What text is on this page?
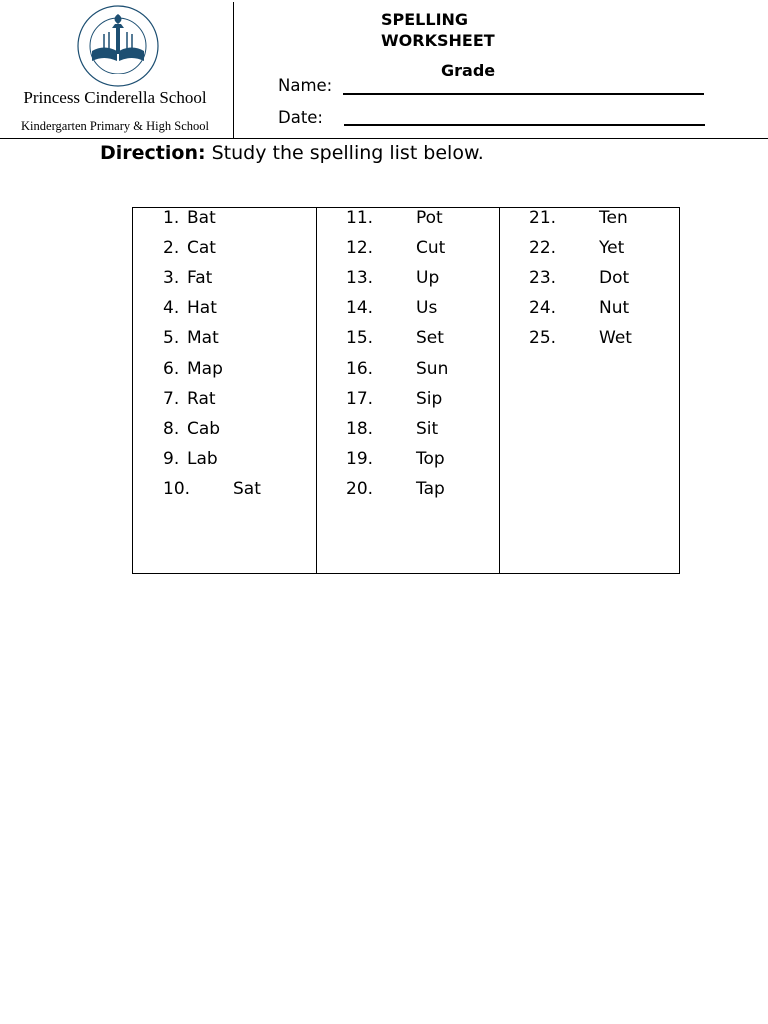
Princess Cinderella School
Kindergarten Primary & High School
SPELLING
WORKSHEET
Grade
Name:
Date:
Direction: Study the spelling list below.
1. Bat
2. Cat
3. Fat
4. Hat
5. Mat
6. Map
7. Rat
8. Cab
9. Lab
10.	Sat
11.	Pot
12.	Cut
13.	Up
14.	Us
15.	Set
16.	Sun
17.	Sip
18.	Sit
19.	Top
20.	Tap
21.	Ten
22.	Yet
23.	Dot
24.	Nut
25.	Wet
